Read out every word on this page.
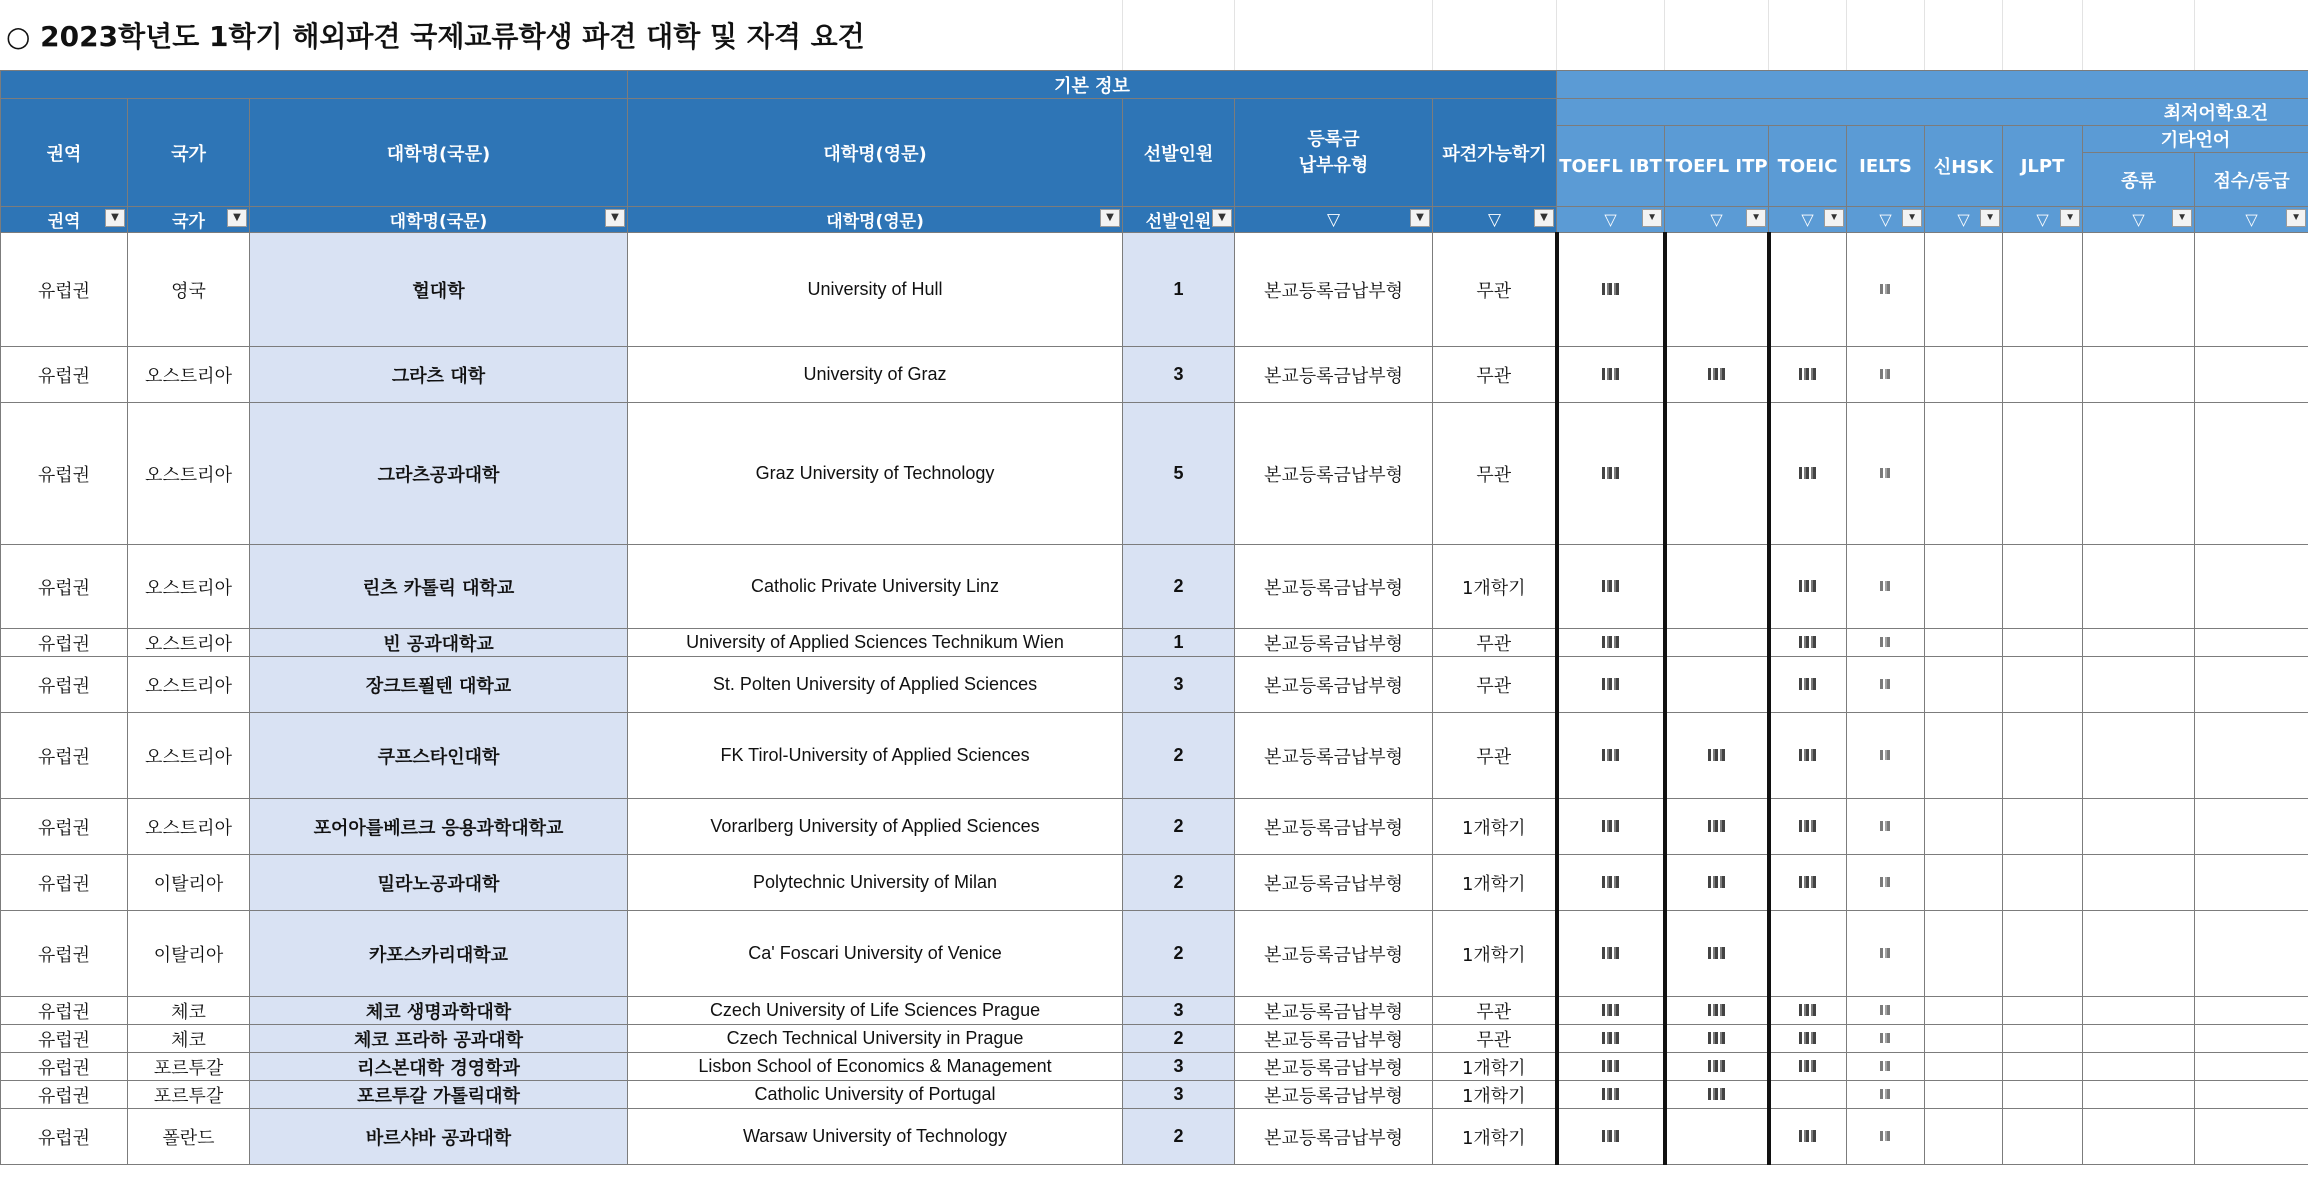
○ 2023학년도 1학기 해외파견 국제교류학생 파견 대학 및 자격 요건
			기본 정보											
권역	국가	대학명(국문)	대학명(영문)	선발인원	등록금
납부유형	파견가능학기	최저어학요건							
							TOEFL IBT	TOEFL ITP	TOEIC	IELTS	신HSK	JLPT	기타언어	
													종류	점수/등급
권역 ▼	국가 ▼	대학명(국문) ▼	대학명(영문) ▼	선발인원 ▼	▽ ▼	▽ ▼	▽ ▼	▽ ▼	▽ ▼	▽ ▼	▽ ▼	▽ ▼	▽ ▼	▽ ▼

유럽권	영국	헐대학	University of Hull	1	본교등록금납부형	무관								
유럽권	오스트리아	그라츠 대학	University of Graz	3	본교등록금납부형	무관								
유럽권	오스트리아	그라츠공과대학	Graz University of Technology	5	본교등록금납부형	무관								
유럽권	오스트리아	린츠 카톨릭 대학교	Catholic Private University Linz	2	본교등록금납부형	1개학기								
유럽권	오스트리아	빈 공과대학교	University of Applied Sciences Technikum Wien	1	본교등록금납부형	무관								
유럽권	오스트리아	장크트푈텐 대학교	St. Polten University of Applied Sciences	3	본교등록금납부형	무관								
유럽권	오스트리아	쿠프스타인대학	FK Tirol-University of Applied Sciences	2	본교등록금납부형	무관								
유럽권	오스트리아	포어아를베르크 응용과학대학교	Vorarlberg University of Applied Sciences	2	본교등록금납부형	1개학기								
유럽권	이탈리아	밀라노공과대학	Polytechnic University of Milan	2	본교등록금납부형	1개학기								
유럽권	이탈리아	카포스카리대학교	Ca' Foscari University of Venice	2	본교등록금납부형	1개학기								
유럽권	체코	체코 생명과학대학	Czech University of Life Sciences Prague	3	본교등록금납부형	무관								
유럽권	체코	체코 프라하 공과대학	Czech Technical University in Prague	2	본교등록금납부형	무관								
유럽권	포르투갈	리스본대학 경영학과	Lisbon School of Economics & Management	3	본교등록금납부형	1개학기								
유럽권	포르투갈	포르투갈 가톨릭대학	Catholic University of Portugal	3	본교등록금납부형	1개학기								
유럽권	폴란드	바르샤바 공과대학	Warsaw University of Technology	2	본교등록금납부형	1개학기								
